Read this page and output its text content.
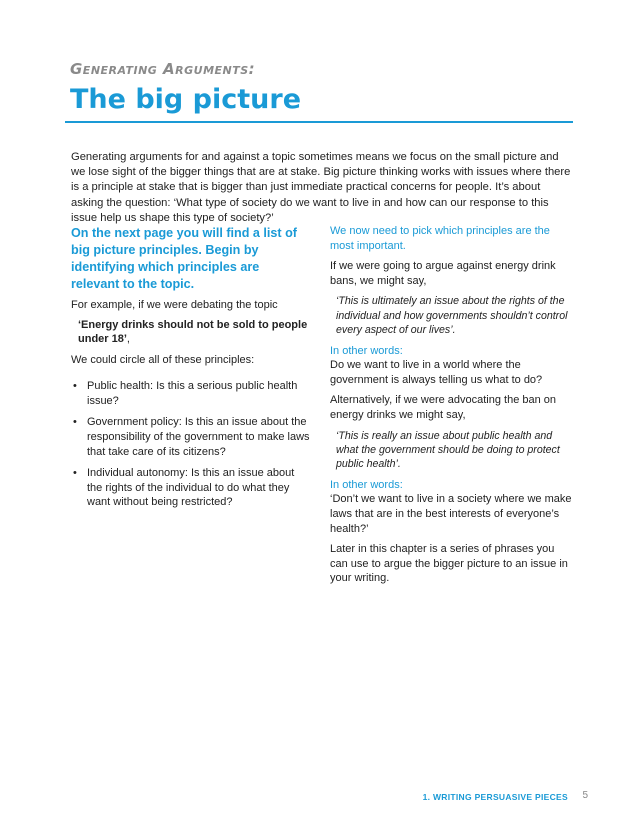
Generating Arguments:
The big picture

Generating arguments for and against a topic sometimes means we focus on the small picture and we lose sight of the bigger things that are at stake. Big picture thinking works with issues where there is a principle at stake that is bigger than just immediate practical concerns for people. It’s about asking the question: ‘What type of society do we want to live in and how can our response to this issue help us shape this type of society?’

On the next page you will find a list of big picture principles. Begin by identifying which principles are relevant to the topic.

For example, if we were debating the topic

‘Energy drinks should not be sold to people under 18’,

We could circle all of these principles:

• Public health: Is this a serious public health issue?
• Government policy: Is this an issue about the responsibility of the government to make laws that take care of its citizens?
• Individual autonomy: Is this an issue about the rights of the individual to do what they want without being restricted?

We now need to pick which principles are the most important.

If we were going to argue against energy drink bans, we might say,

‘This is ultimately an issue about the rights of the individual and how governments shouldn’t control every aspect of our lives’.

In other words:

Do we want to live in a world where the government is always telling us what to do?

Alternatively, if we were advocating the ban on energy drinks we might say,

‘This is really an issue about public health and what the government should be doing to protect public health’.

In other words:

‘Don’t we want to live in a society where we make laws that are in the best interests of everyone’s health?’

Later in this chapter is a series of phrases you can use to argue the bigger picture to an issue in your writing.

1. WRITING PERSUASIVE PIECES 5
